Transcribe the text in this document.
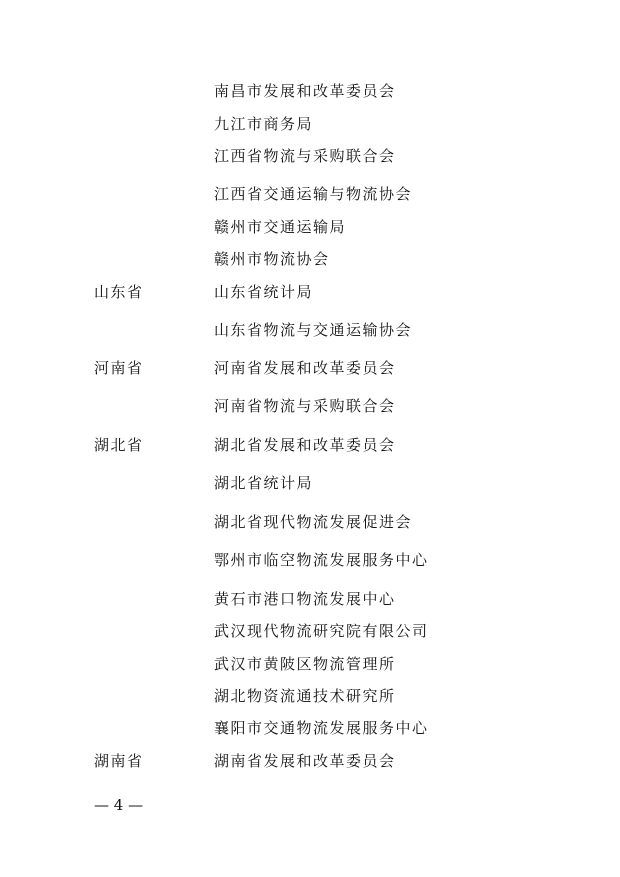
南昌市发展和改革委员会
九江市商务局
江西省物流与采购联合会
江西省交通运输与物流协会
赣州市交通运输局
赣州市物流协会
山东省	山东省统计局
山东省物流与交通运输协会
河南省	河南省发展和改革委员会
河南省物流与采购联合会
湖北省	湖北省发展和改革委员会
湖北省统计局
湖北省现代物流发展促进会
鄂州市临空物流发展服务中心
黄石市港口物流发展中心
武汉现代物流研究院有限公司
武汉市黄陂区物流管理所
湖北物资流通技术研究所
襄阳市交通物流发展服务中心
湖南省	湖南省发展和改革委员会
— 4 —
